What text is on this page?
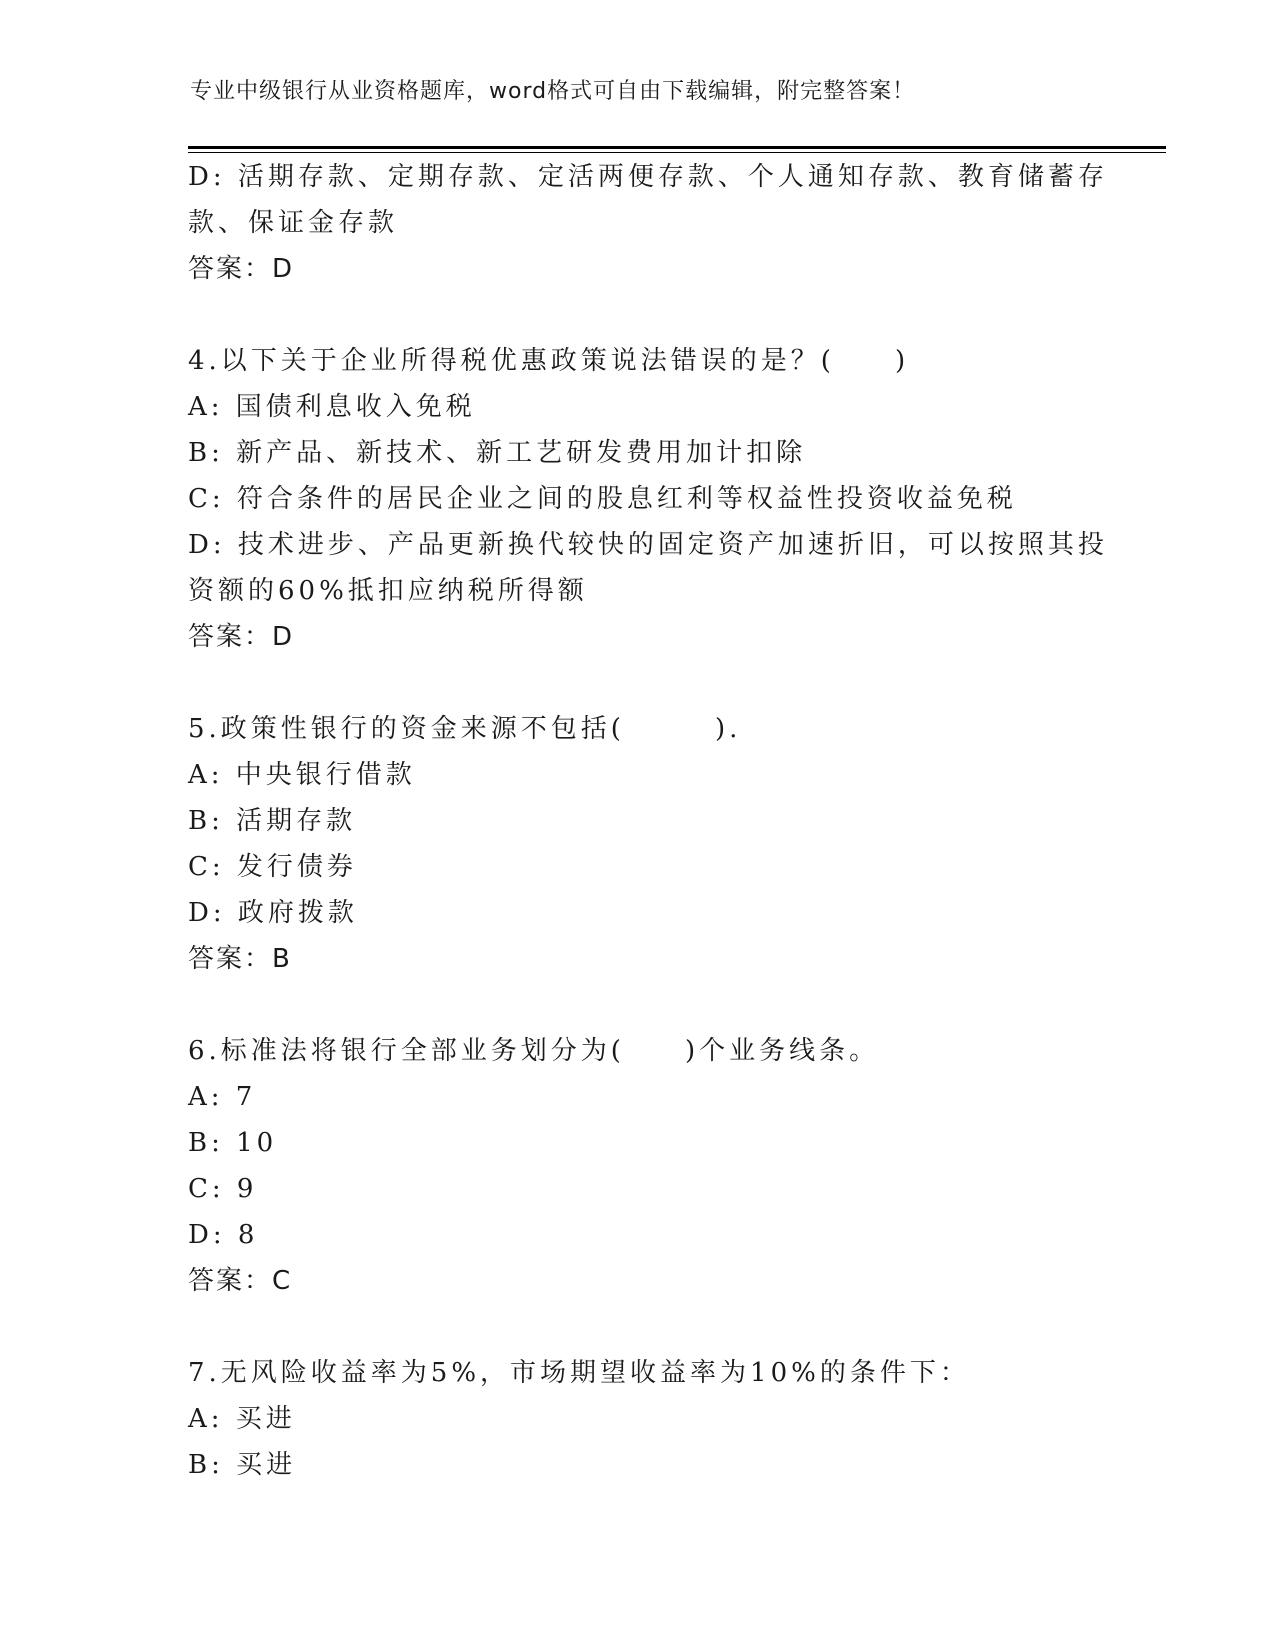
专业中级银行从业资格题库，word格式可自由下载编辑，附完整答案！
D: 活期存款、定期存款、定活两便存款、个人通知存款、教育储蓄存
款、保证金存款
答案：D
4.以下关于企业所得税优惠政策说法错误的是？(　　)
A: 国债利息收入免税
B: 新产品、新技术、新工艺研发费用加计扣除
C: 符合条件的居民企业之间的股息红利等权益性投资收益免税
D: 技术进步、产品更新换代较快的固定资产加速折旧，可以按照其投
资额的60%抵扣应纳税所得额
答案：D
5.政策性银行的资金来源不包括(　　　).
A: 中央银行借款
B: 活期存款
C: 发行债券
D: 政府拨款
答案：B
6.标准法将银行全部业务划分为(　　)个业务线条。
A: 7
B: 10
C: 9
D: 8
答案：C
7.无风险收益率为5%，市场期望收益率为10%的条件下：
A: 买进
B: 买进
